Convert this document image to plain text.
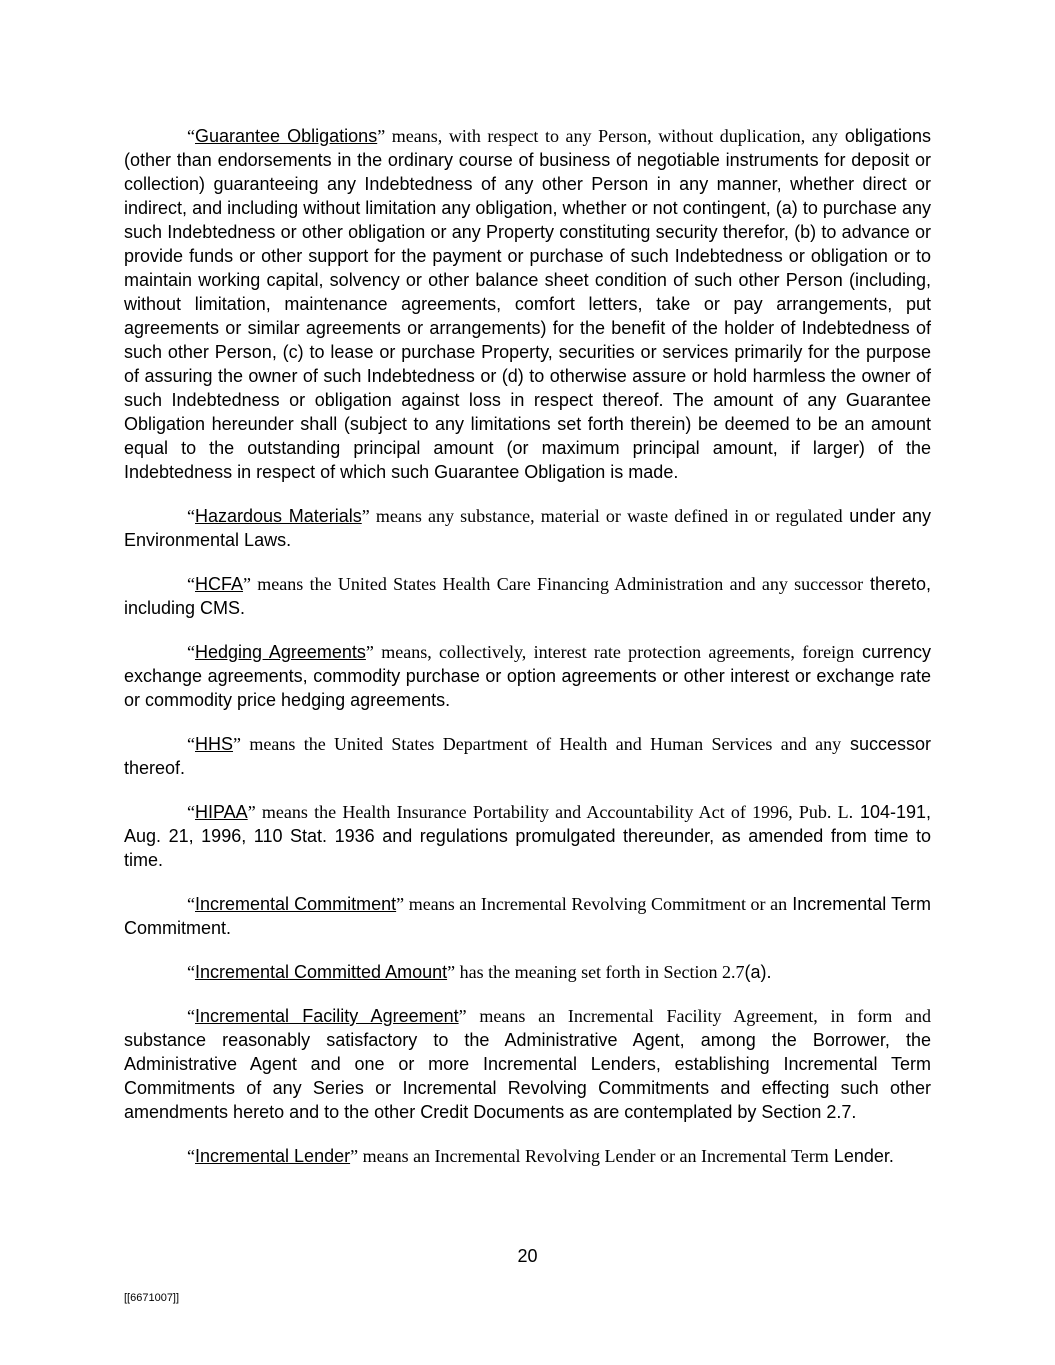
“Guarantee Obligations” means, with respect to any Person, without duplication, any obligations (other than endorsements in the ordinary course of business of negotiable instruments for deposit or collection) guaranteeing any Indebtedness of any other Person in any manner, whether direct or indirect, and including without limitation any obligation, whether or not contingent, (a) to purchase any such Indebtedness or other obligation or any Property constituting security therefor, (b) to advance or provide funds or other support for the payment or purchase of such Indebtedness or obligation or to maintain working capital, solvency or other balance sheet condition of such other Person (including, without limitation, maintenance agreements, comfort letters, take or pay arrangements, put agreements or similar agreements or arrangements) for the benefit of the holder of Indebtedness of such other Person, (c) to lease or purchase Property, securities or services primarily for the purpose of assuring the owner of such Indebtedness or (d) to otherwise assure or hold harmless the owner of such Indebtedness or obligation against loss in respect thereof. The amount of any Guarantee Obligation hereunder shall (subject to any limitations set forth therein) be deemed to be an amount equal to the outstanding principal amount (or maximum principal amount, if larger) of the Indebtedness in respect of which such Guarantee Obligation is made.

“Hazardous Materials” means any substance, material or waste defined in or regulated under any Environmental Laws.

“HCFA” means the United States Health Care Financing Administration and any successor thereto, including CMS.

“Hedging Agreements” means, collectively, interest rate protection agreements, foreign currency exchange agreements, commodity purchase or option agreements or other interest or exchange rate or commodity price hedging agreements.

“HHS” means the United States Department of Health and Human Services and any successor thereof.

“HIPAA” means the Health Insurance Portability and Accountability Act of 1996, Pub. L. 104-191, Aug. 21, 1996, 110 Stat. 1936 and regulations promulgated thereunder, as amended from time to time.

“Incremental Commitment” means an Incremental Revolving Commitment or an Incremental Term Commitment.

“Incremental Committed Amount” has the meaning set forth in Section 2.7(a).

“Incremental Facility Agreement” means an Incremental Facility Agreement, in form and substance reasonably satisfactory to the Administrative Agent, among the Borrower, the Administrative Agent and one or more Incremental Lenders, establishing Incremental Term Commitments of any Series or Incremental Revolving Commitments and effecting such other amendments hereto and to the other Credit Documents as are contemplated by Section 2.7.

“Incremental Lender” means an Incremental Revolving Lender or an Incremental Term Lender.

20
[[6671007]]
